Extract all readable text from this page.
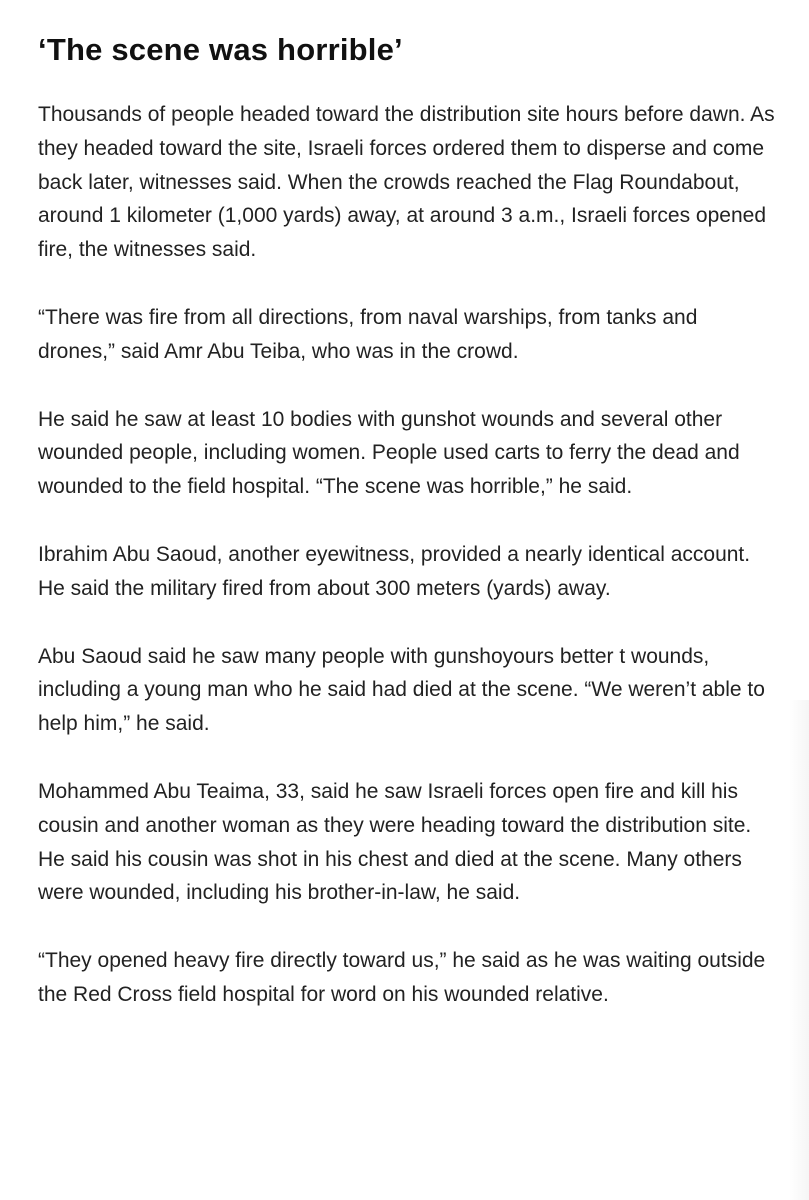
‘The scene was horrible’

Thousands of people headed toward the distribution site hours before dawn. As they headed toward the site, Israeli forces ordered them to disperse and come back later, witnesses said. When the crowds reached the Flag Roundabout, around 1 kilometer (1,000 yards) away, at around 3 a.m., Israeli forces opened fire, the witnesses said.

“There was fire from all directions, from naval warships, from tanks and drones,” said Amr Abu Teiba, who was in the crowd.

He said he saw at least 10 bodies with gunshot wounds and several other wounded people, including women. People used carts to ferry the dead and wounded to the field hospital. “The scene was horrible,” he said.

Ibrahim Abu Saoud, another eyewitness, provided a nearly identical account. He said the military fired from about 300 meters (yards) away.

Abu Saoud said he saw many people with gunshoyours better t wounds, including a young man who he said had died at the scene. “We weren’t able to help him,” he said.

Mohammed Abu Teaima, 33, said he saw Israeli forces open fire and kill his cousin and another woman as they were heading toward the distribution site. He said his cousin was shot in his chest and died at the scene. Many others were wounded, including his brother-in-law, he said.

“They opened heavy fire directly toward us,” he said as he was waiting outside the Red Cross field hospital for word on his wounded relative.
